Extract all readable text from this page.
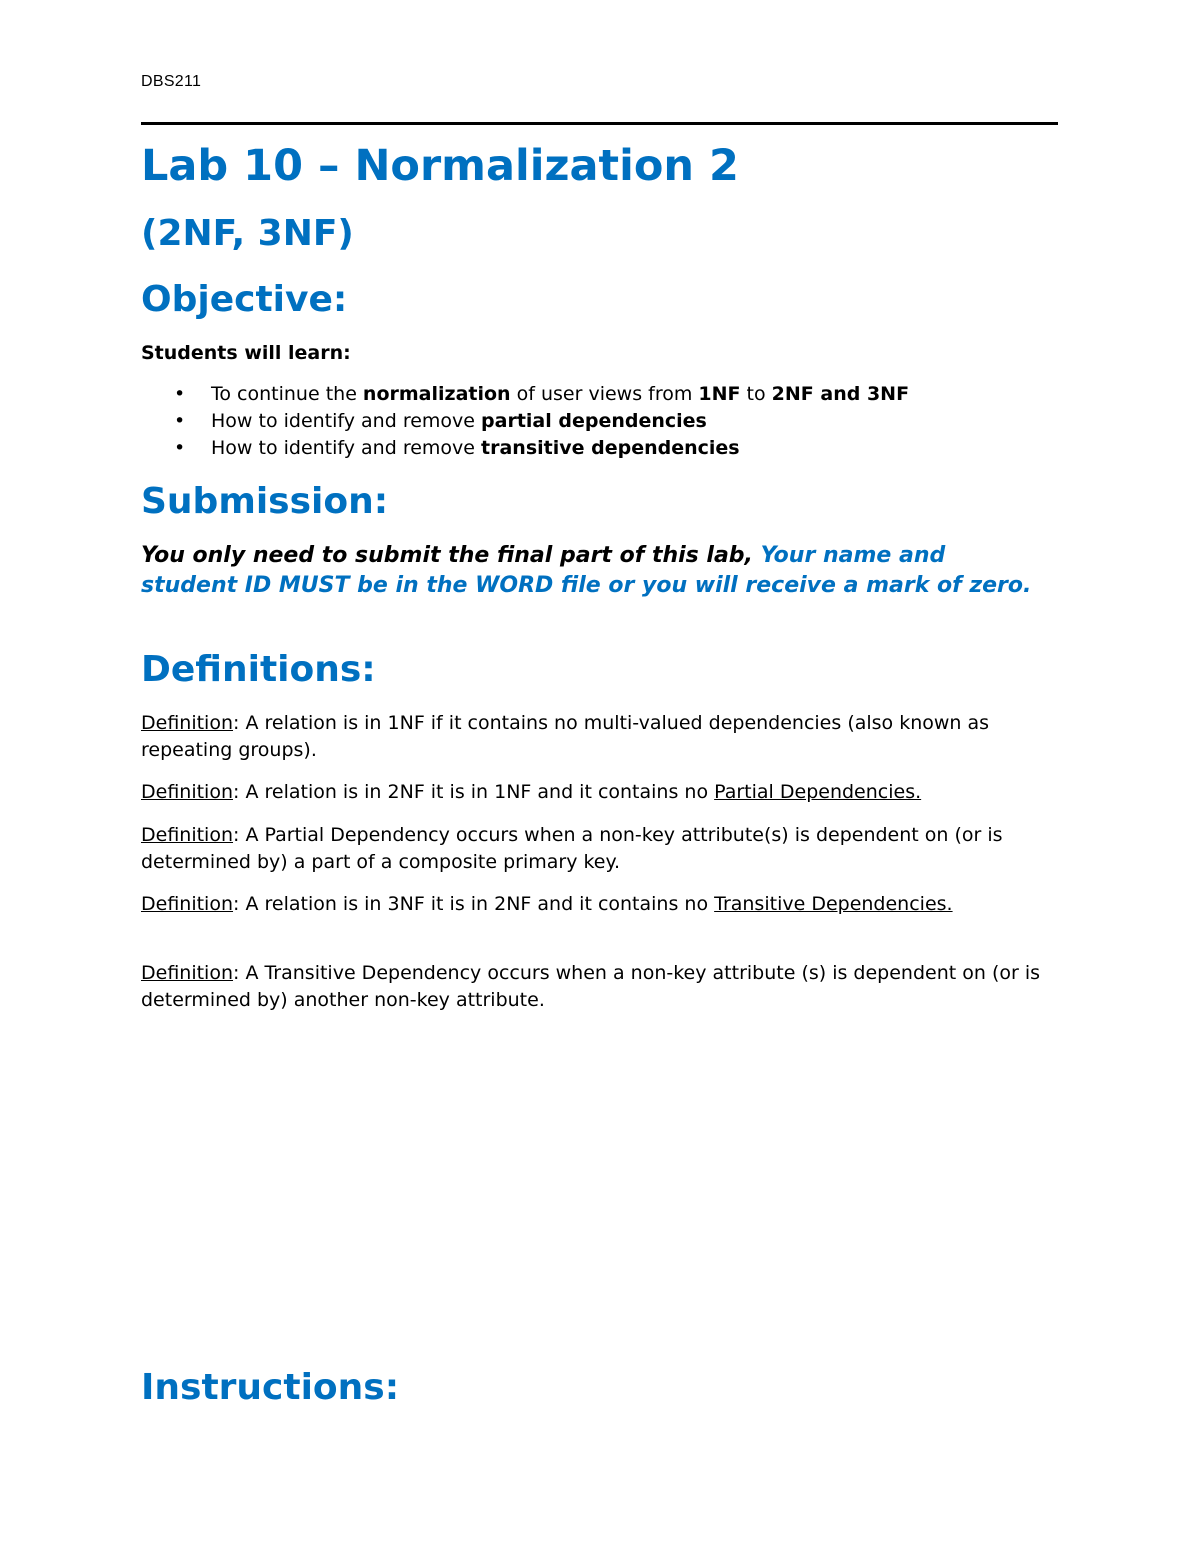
DBS211
Lab 10 – Normalization 2
(2NF, 3NF)
Objective:
Students will learn:
• To continue the normalization of user views from 1NF to 2NF and 3NF
• How to identify and remove partial dependencies
• How to identify and remove transitive dependencies
Submission:
You only need to submit the final part of this lab, Your name and student ID MUST be in the WORD file or you will receive a mark of zero.
Definitions:
Definition: A relation is in 1NF if it contains no multi-valued dependencies (also known as repeating groups).
Definition: A relation is in 2NF it is in 1NF and it contains no Partial Dependencies.
Definition: A Partial Dependency occurs when a non-key attribute(s) is dependent on (or is determined by) a part of a composite primary key.
Definition: A relation is in 3NF it is in 2NF and it contains no Transitive Dependencies.
Definition: A Transitive Dependency occurs when a non-key attribute (s) is dependent on (or is determined by) another non-key attribute.
Instructions:
